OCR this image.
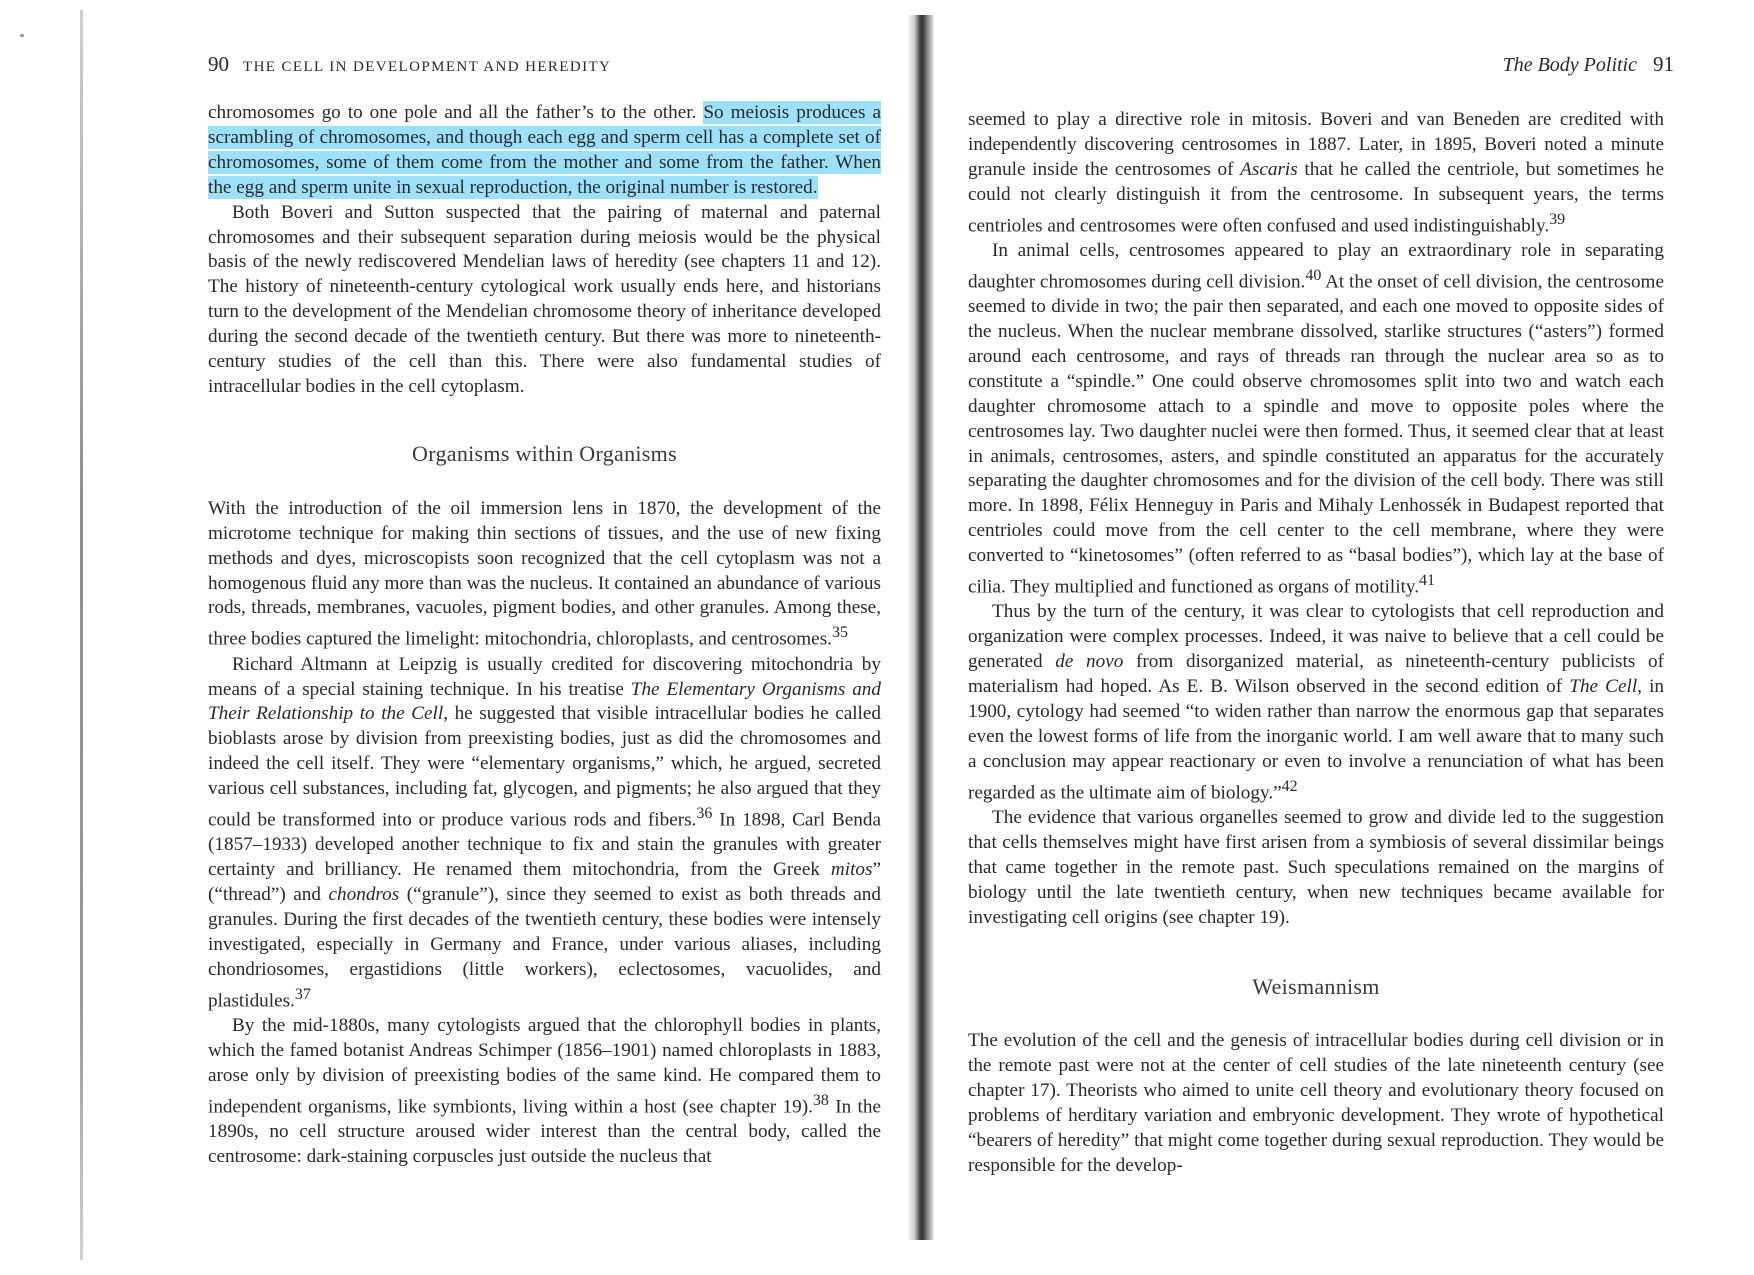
90 THE CELL IN DEVELOPMENT AND HEREDITY

chromosomes go to one pole and all the father’s to the other. So meiosis produces a scrambling of chromosomes, and though each egg and sperm cell has a complete set of chromosomes, some of them come from the mother and some from the father. When the egg and sperm unite in sexual reproduction, the original number is restored.

Both Boveri and Sutton suspected that the pairing of maternal and paternal chromosomes and their subsequent separation during meiosis would be the physical basis of the newly rediscovered Mendelian laws of heredity (see chapters 11 and 12). The history of nineteenth-century cytological work usually ends here, and historians turn to the development of the Mendelian chromosome theory of inheritance developed during the second decade of the twentieth century. But there was more to nineteenth-century studies of the cell than this. There were also fundamental studies of intracellular bodies in the cell cytoplasm.

Organisms within Organisms

With the introduction of the oil immersion lens in 1870, the development of the microtome technique for making thin sections of tissues, and the use of new fixing methods and dyes, microscopists soon recognized that the cell cytoplasm was not a homogenous fluid any more than was the nucleus. It contained an abundance of various rods, threads, membranes, vacuoles, pigment bodies, and other granules. Among these, three bodies captured the limelight: mitochondria, chloroplasts, and centrosomes.$^{35}$

Richard Altmann at Leipzig is usually credited for discovering mitochondria by means of a special staining technique. In his treatise The Elementary Organisms and Their Relationship to the Cell, he suggested that visible intracellular bodies he called bioblasts arose by division from preexisting bodies, just as did the chromosomes and indeed the cell itself. They were “elementary organisms,” which, he argued, secreted various cell substances, including fat, glycogen, and pigments; he also argued that they could be transformed into or produce various rods and fibers.$^{36}$ In 1898, Carl Benda (1857–1933) developed another technique to fix and stain the granules with greater certainty and brilliancy. He renamed them mitochondria, from the Greek mitos” (“thread”) and chondros (“granule”), since they seemed to exist as both threads and granules. During the first decades of the twentieth century, these bodies were intensely investigated, especially in Germany and France, under various aliases, including chondriosomes, ergastidions (little workers), eclectosomes, vacuolides, and plastidules.$^{37}$

By the mid-1880s, many cytologists argued that the chlorophyll bodies in plants, which the famed botanist Andreas Schimper (1856–1901) named chloroplasts in 1883, arose only by division of preexisting bodies of the same kind. He compared them to independent organisms, like symbionts, living within a host (see chapter 19).$^{38}$ In the 1890s, no cell structure aroused wider interest than the central body, called the centrosome: dark-staining corpuscles just outside the nucleus that

The Body Politic 91

seemed to play a directive role in mitosis. Boveri and van Beneden are credited with independently discovering centrosomes in 1887. Later, in 1895, Boveri noted a minute granule inside the centrosomes of Ascaris that he called the centriole, but sometimes he could not clearly distinguish it from the centrosome. In subsequent years, the terms centrioles and centrosomes were often confused and used indistinguishably.$^{39}$

In animal cells, centrosomes appeared to play an extraordinary role in separating daughter chromosomes during cell division.$^{40}$ At the onset of cell division, the centrosome seemed to divide in two; the pair then separated, and each one moved to opposite sides of the nucleus. When the nuclear membrane dissolved, starlike structures (“asters”) formed around each centrosome, and rays of threads ran through the nuclear area so as to constitute a “spindle.” One could observe chromosomes split into two and watch each daughter chromosome attach to a spindle and move to opposite poles where the centrosomes lay. Two daughter nuclei were then formed. Thus, it seemed clear that at least in animals, centrosomes, asters, and spindle constituted an apparatus for the accurately separating the daughter chromosomes and for the division of the cell body. There was still more. In 1898, Félix Henneguy in Paris and Mihaly Lenhossék in Budapest reported that centrioles could move from the cell center to the cell membrane, where they were converted to “kinetosomes” (often referred to as “basal bodies”), which lay at the base of cilia. They multiplied and functioned as organs of motility.$^{41}$

Thus by the turn of the century, it was clear to cytologists that cell reproduction and organization were complex processes. Indeed, it was naive to believe that a cell could be generated de novo from disorganized material, as nineteenth-century publicists of materialism had hoped. As E. B. Wilson observed in the second edition of The Cell, in 1900, cytology had seemed “to widen rather than narrow the enormous gap that separates even the lowest forms of life from the inorganic world. I am well aware that to many such a conclusion may appear reactionary or even to involve a renunciation of what has been regarded as the ultimate aim of biology.”$^{42}$

The evidence that various organelles seemed to grow and divide led to the suggestion that cells themselves might have first arisen from a symbiosis of several dissimilar beings that came together in the remote past. Such speculations remained on the margins of biology until the late twentieth century, when new techniques became available for investigating cell origins (see chapter 19).

Weismannism

The evolution of the cell and the genesis of intracellular bodies during cell division or in the remote past were not at the center of cell studies of the late nineteenth century (see chapter 17). Theorists who aimed to unite cell theory and evolutionary theory focused on problems of herditary variation and embryonic development. They wrote of hypothetical “bearers of heredity” that might come together during sexual reproduction. They would be responsible for the develop-
